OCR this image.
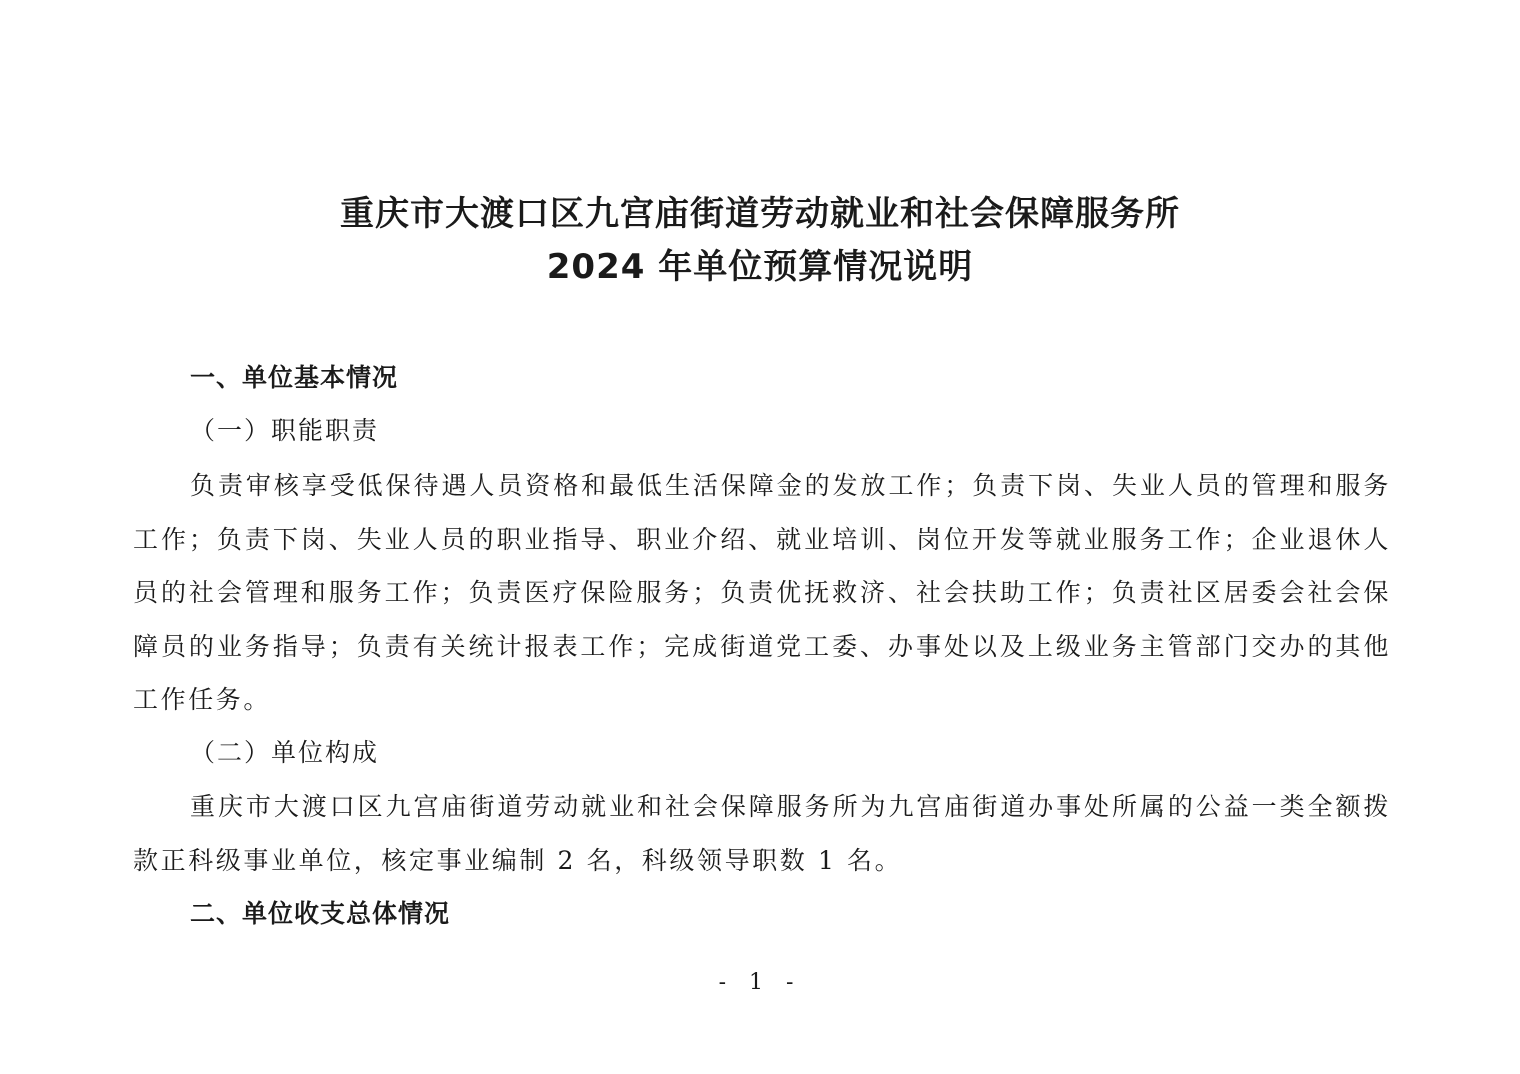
重庆市大渡口区九宫庙街道劳动就业和社会保障服务所
2024 年单位预算情况说明
一、单位基本情况
（一）职能职责

负责审核享受低保待遇人员资格和最低生活保障金的发放工作；负责下岗、失业人员的管理和服务工作；负责下岗、失业人员的职业指导、职业介绍、就业培训、岗位开发等就业服务工作；企业退休人员的社会管理和服务工作；负责医疗保险服务；负责优抚救济、社会扶助工作；负责社区居委会社会保障员的业务指导；负责有关统计报表工作；完成街道党工委、办事处以及上级业务主管部门交办的其他工作任务。

（二）单位构成

重庆市大渡口区九宫庙街道劳动就业和社会保障服务所为九宫庙街道办事处所属的公益一类全额拨款正科级事业单位，核定事业编制 2 名，科级领导职数 1 名。

二、单位收支总体情况
- 1 -
